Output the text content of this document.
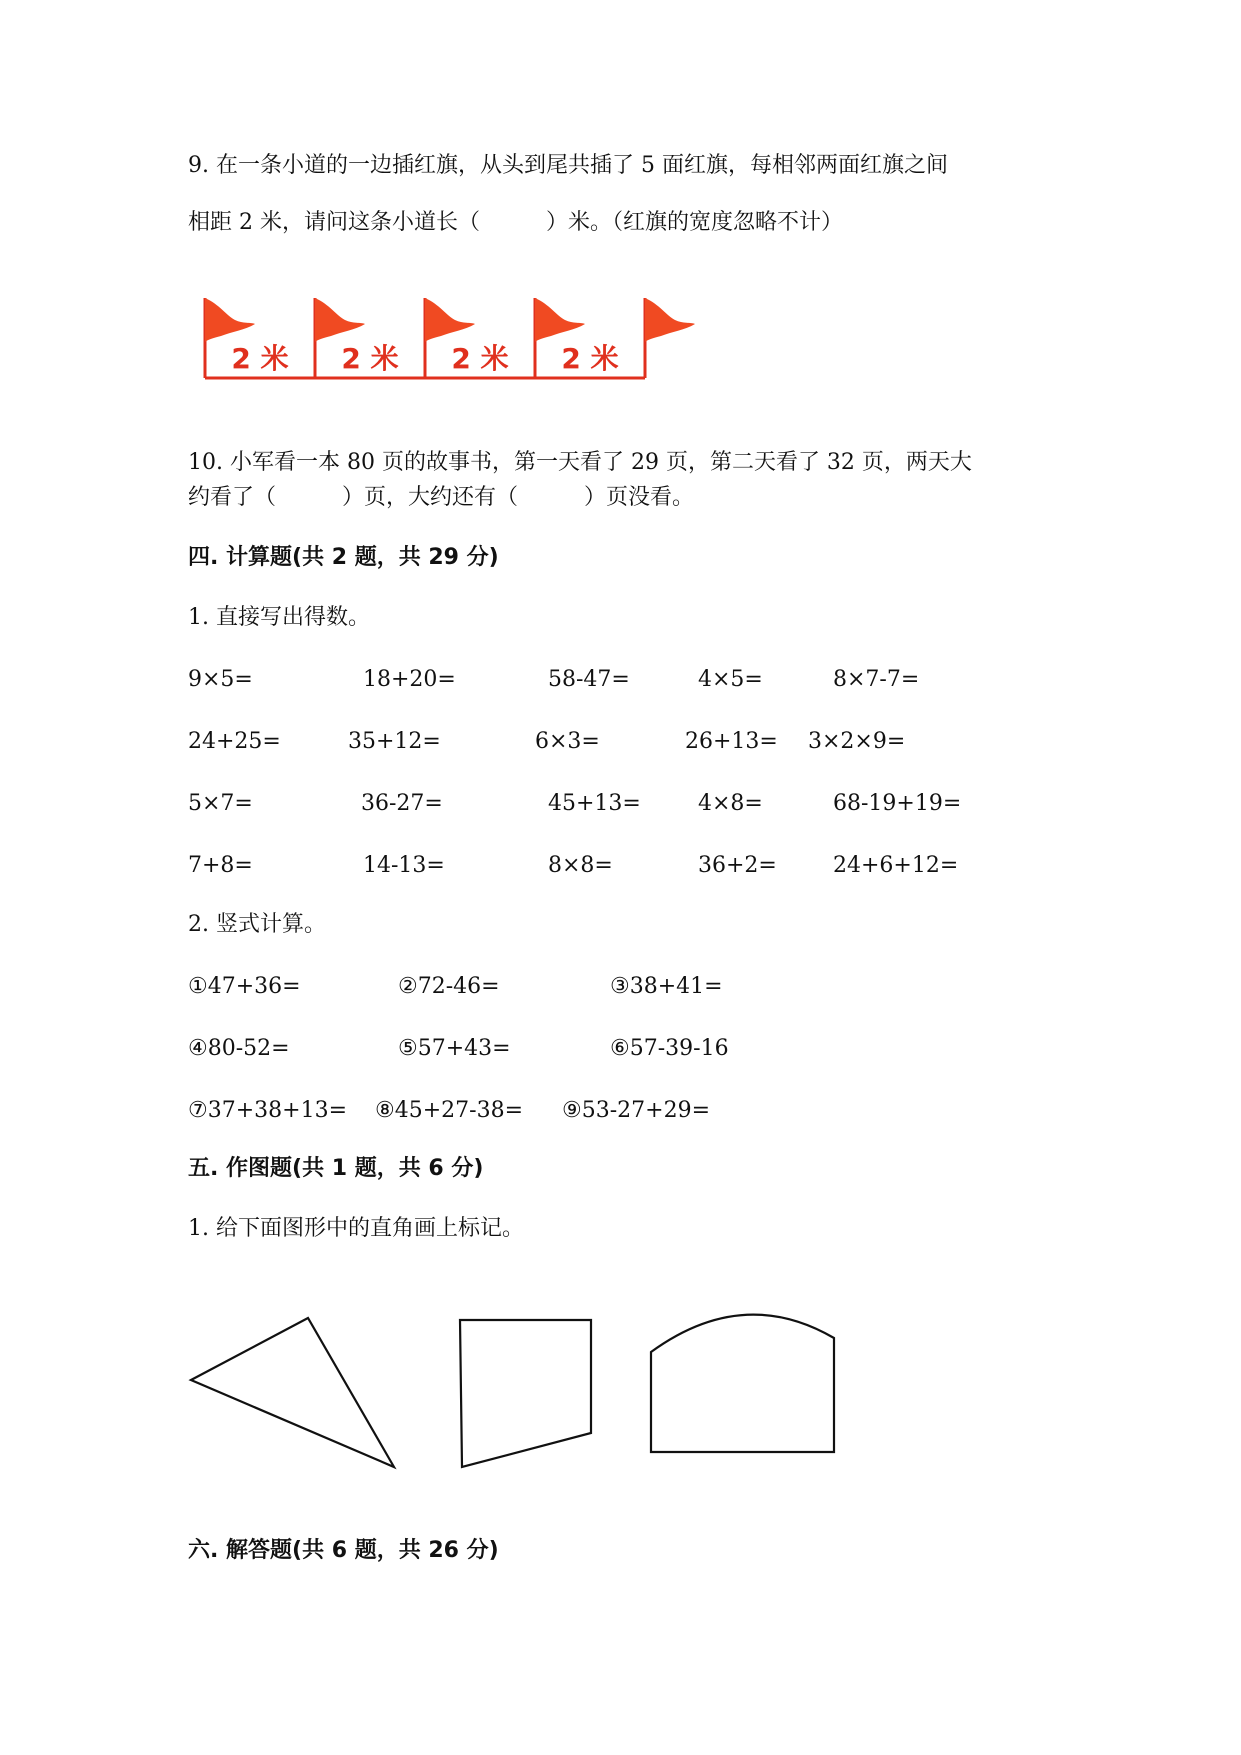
9. 在一条小道的一边插红旗，从头到尾共插了 5 面红旗，每相邻两面红旗之间
相距 2 米，请问这条小道长（　　　）米。（红旗的宽度忽略不计）
2 米 2 米 2 米 2 米
10. 小军看一本 80 页的故事书，第一天看了 29 页，第二天看了 32 页，两天大
约看了（　　　）页，大约还有（　　　）页没看。
四. 计算题(共 2 题，共 29 分)
1. 直接写出得数。
9×5=	18+20=	58-47=	4×5=	8×7-7=
24+25=	35+12=	6×3=	26+13= 3×2×9=
5×7=	36-27=	45+13=	4×8=	68-19+19=
7+8=	14-13=	8×8=	36+2=	24+6+12=
2. 竖式计算。
①47+36=	②72-46=	③38+41=
④80-52=	⑤57+43=	⑥57-39-16
⑦37+38+13= ⑧45+27-38= ⑨53-27+29=
五. 作图题(共 1 题，共 6 分)
1. 给下面图形中的直角画上标记。
六. 解答题(共 6 题，共 26 分)
